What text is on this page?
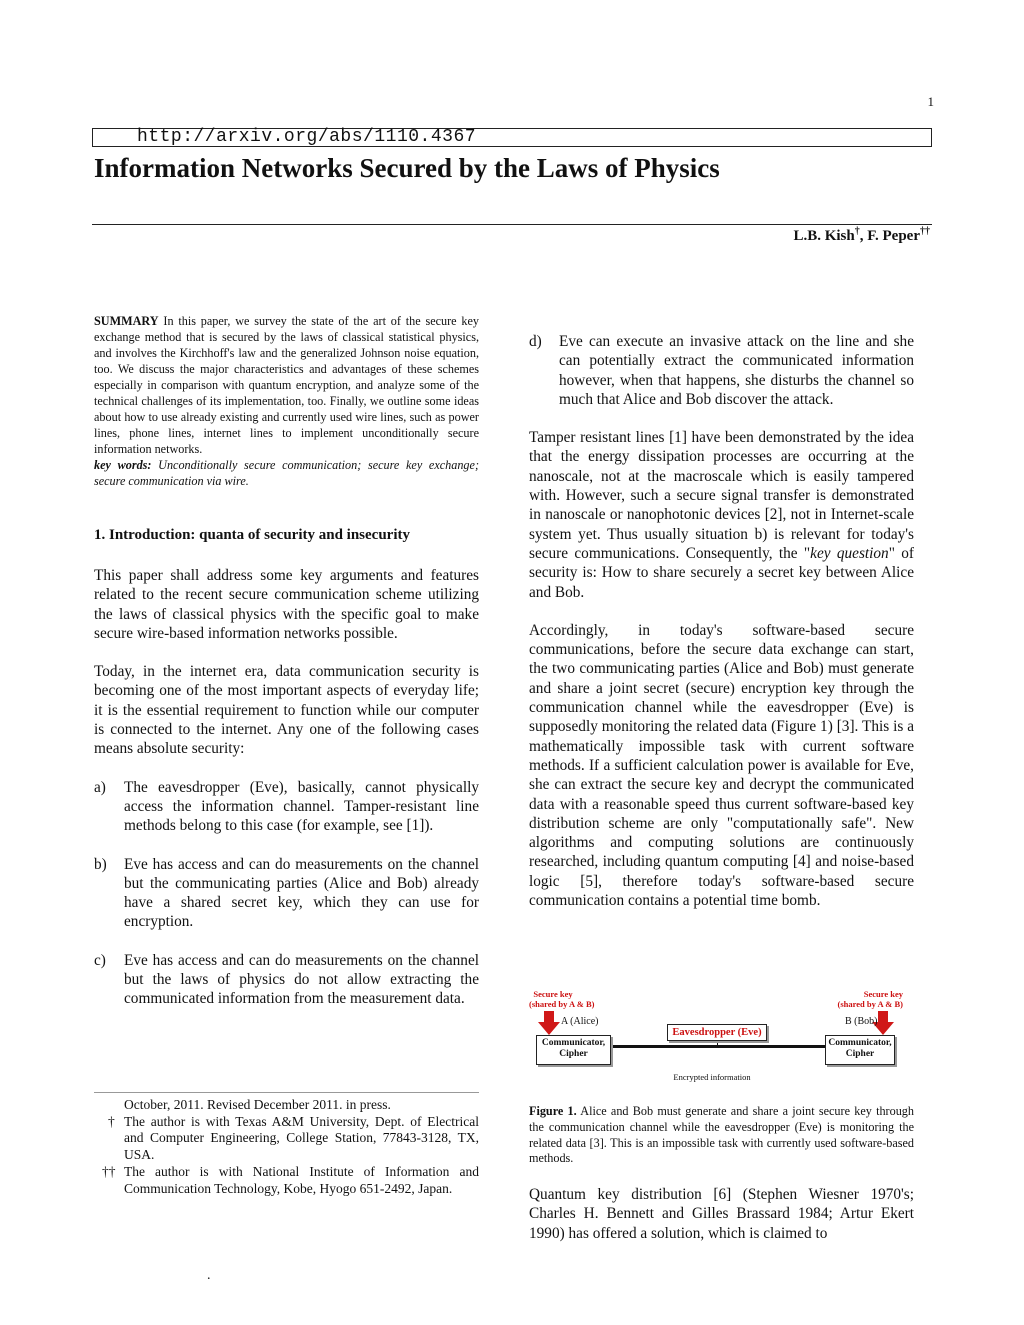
1
http://arxiv.org/abs/1110.4367
Information Networks Secured by the Laws of Physics
L.B. Kish†, F. Peper††
SUMMARY In this paper, we survey the state of the art of the secure key exchange method that is secured by the laws of classical statistical physics, and involves the Kirchhoff's law and the generalized Johnson noise equation, too. We discuss the major characteristics and advantages of these schemes especially in comparison with quantum encryption, and analyze some of the technical challenges of its implementation, too. Finally, we outline some ideas about how to use already existing and currently used wire lines, such as power lines, phone lines, internet lines to implement unconditionally secure information networks.
key words: Unconditionally secure communication; secure key exchange; secure communication via wire.
1. Introduction: quanta of security and insecurity

This paper shall address some key arguments and features related to the recent secure communication scheme utilizing the laws of classical physics with the specific goal to make secure wire-based information networks possible.

Today, in the internet era, data communication security is becoming one of the most important aspects of everyday life; it is the essential requirement to function while our computer is connected to the internet. Any one of the following cases means absolute security:

a) The eavesdropper (Eve), basically, cannot physically access the information channel. Tamper-resistant line methods belong to this case (for example, see [1]).
b) Eve has access and can do measurements on the channel but the communicating parties (Alice and Bob) already have a shared secret key, which they can use for encryption.
c) Eve has access and can do measurements on the channel but the laws of physics do not allow extracting the communicated information from the measurement data.
October, 2011. Revised December 2011. in press.
† The author is with Texas A&M University, Dept. of Electrical and Computer Engineering, College Station, 77843-3128, TX, USA.
†† The author is with National Institute of Information and Communication Technology, Kobe, Hyogo 651-2492, Japan.
.
d) Eve can execute an invasive attack on the line and she can potentially extract the communicated information however, when that happens, she disturbs the channel so much that Alice and Bob discover the attack.

Tamper resistant lines [1] have been demonstrated by the idea that the energy dissipation processes are occurring at the nanoscale, not at the macroscale which is easily tampered with. However, such a secure signal transfer is demonstrated in nanoscale or nanophotonic devices [2], not in Internet-scale system yet. Thus usually situation b) is relevant for today's secure communications. Consequently, the "key question" of security is: How to share securely a secret key between Alice and Bob.

Accordingly, in today's software-based secure communications, before the secure data exchange can start, the two communicating parties (Alice and Bob) must generate and share a joint secret (secure) encryption key through the communication channel while the eavesdropper (Eve) is supposedly monitoring the related data (Figure 1) [3]. This is a mathematically impossible task with current software methods. If a sufficient calculation power is available for Eve, she can extract the secure key and decrypt the communicated data with a reasonable speed thus current software-based key distribution scheme are only "computationally safe". New algorithms and computing solutions are continuously researched, including quantum computing [4] and noise-based logic [5], therefore today's software-based secure communication contains a potential time bomb.

Secure key
(shared by A & B)
Secure key
(shared by A & B)
A (Alice)	B (Bob)
Eavesdropper (Eve)
Communicator,
Cipher
Communicator,
Cipher
Encrypted information
Figure 1. Alice and Bob must generate and share a joint secure key through the communication channel while the eavesdropper (Eve) is monitoring the related data [3]. This is an impossible task with currently used software-based methods.

Quantum key distribution [6] (Stephen Wiesner 1970's; Charles H. Bennett and Gilles Brassard 1984; Artur Ekert 1990) has offered a solution, which is claimed to
